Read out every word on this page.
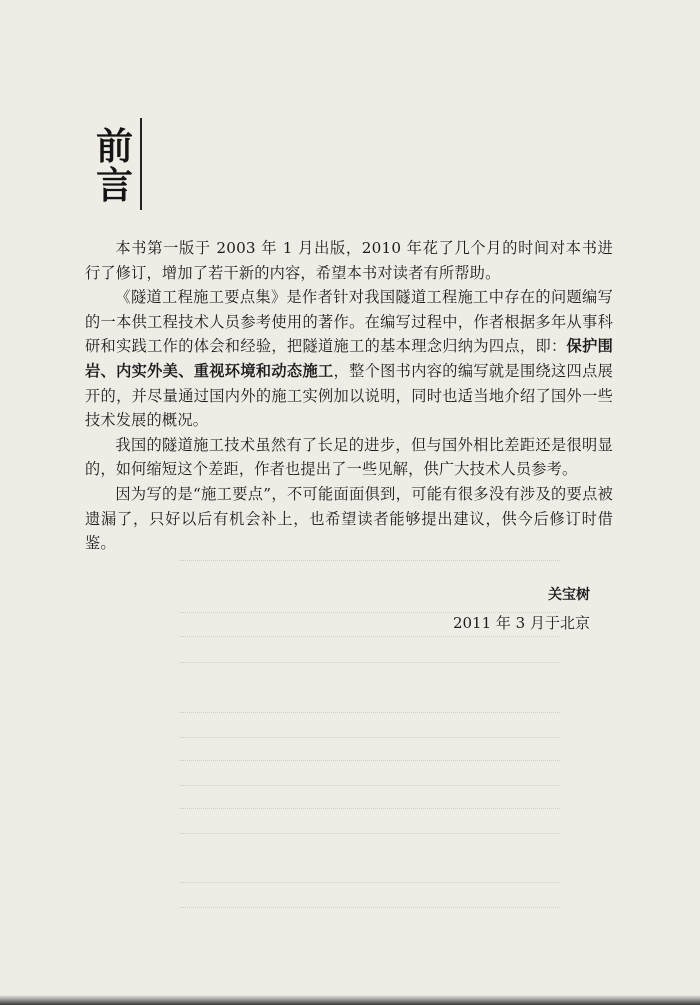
前
言

本书第一版于 2003 年 1 月出版，2010 年花了几个月的时间对本书进行了修订，增加了若干新的内容，希望本书对读者有所帮助。

《隧道工程施工要点集》是作者针对我国隧道工程施工中存在的问题编写的一本供工程技术人员参考使用的著作。在编写过程中，作者根据多年从事科研和实践工作的体会和经验，把隧道施工的基本理念归纳为四点，即：保护围岩、内实外美、重视环境和动态施工，整个图书内容的编写就是围绕这四点展开的，并尽量通过国内外的施工实例加以说明，同时也适当地介绍了国外一些技术发展的概况。

我国的隧道施工技术虽然有了长足的进步，但与国外相比差距还是很明显的，如何缩短这个差距，作者也提出了一些见解，供广大技术人员参考。

因为写的是“施工要点”，不可能面面俱到，可能有很多没有涉及的要点被遗漏了，只好以后有机会补上，也希望读者能够提出建议，供今后修订时借鉴。

关宝树
2011 年 3 月于北京
